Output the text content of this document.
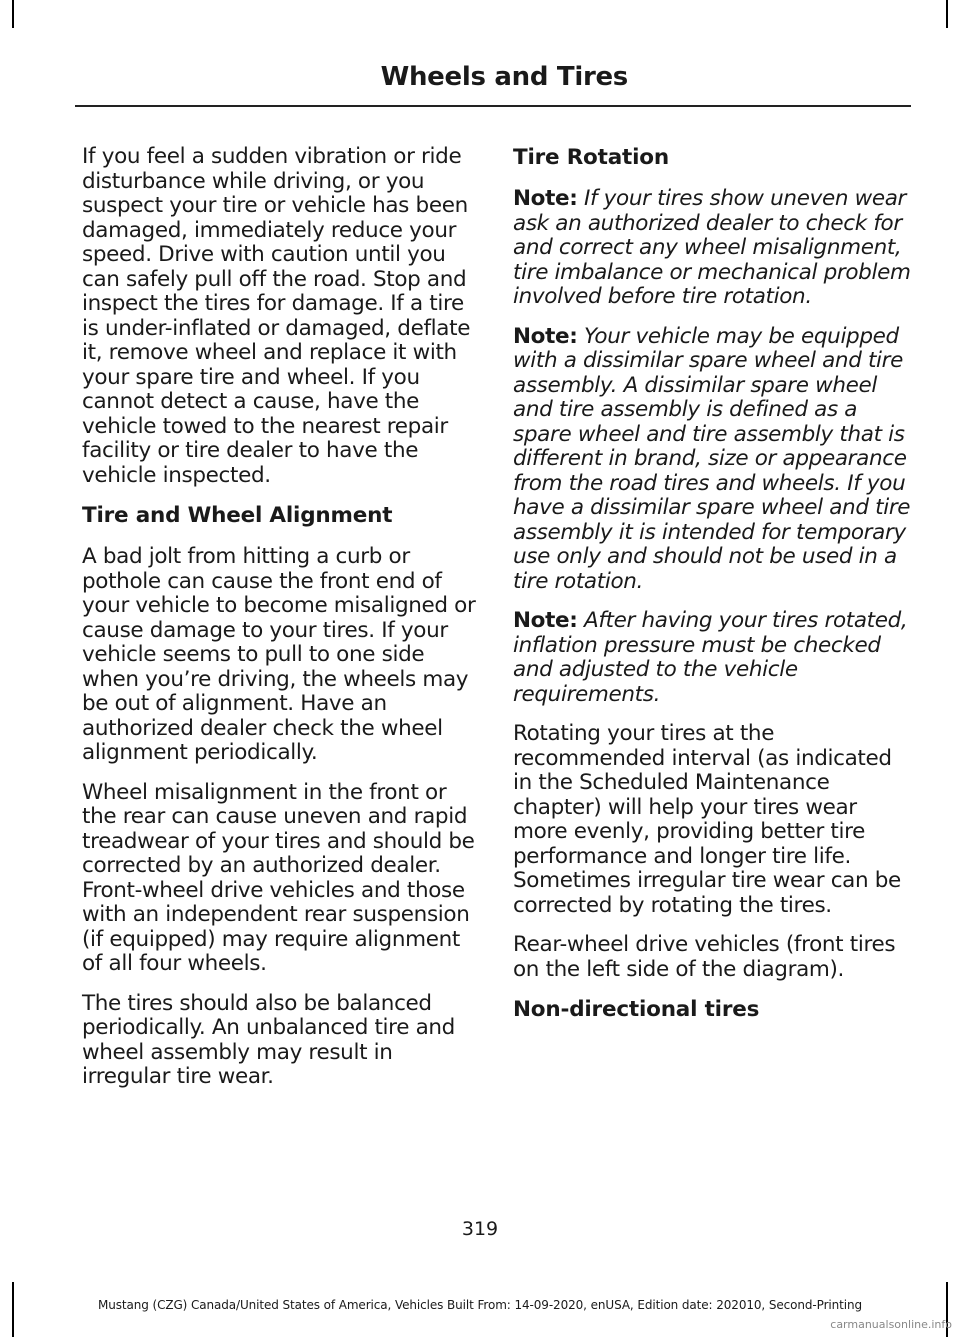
Wheels and Tires

If you feel a sudden vibration or ride disturbance while driving, or you suspect your tire or vehicle has been damaged, immediately reduce your speed. Drive with caution until you can safely pull off the road. Stop and inspect the tires for damage. If a tire is under-inflated or damaged, deflate it, remove wheel and replace it with your spare tire and wheel. If you cannot detect a cause, have the vehicle towed to the nearest repair facility or tire dealer to have the vehicle inspected.

Tire and Wheel Alignment

A bad jolt from hitting a curb or pothole can cause the front end of your vehicle to become misaligned or cause damage to your tires. If your vehicle seems to pull to one side when you’re driving, the wheels may be out of alignment. Have an authorized dealer check the wheel alignment periodically.

Wheel misalignment in the front or the rear can cause uneven and rapid treadwear of your tires and should be corrected by an authorized dealer. Front-wheel drive vehicles and those with an independent rear suspension (if equipped) may require alignment of all four wheels.

The tires should also be balanced periodically. An unbalanced tire and wheel assembly may result in irregular tire wear.

Tire Rotation

Note: If your tires show uneven wear ask an authorized dealer to check for and correct any wheel misalignment, tire imbalance or mechanical problem involved before tire rotation.

Note: Your vehicle may be equipped with a dissimilar spare wheel and tire assembly. A dissimilar spare wheel and tire assembly is defined as a spare wheel and tire assembly that is different in brand, size or appearance from the road tires and wheels. If you have a dissimilar spare wheel and tire assembly it is intended for temporary use only and should not be used in a tire rotation.

Note: After having your tires rotated, inflation pressure must be checked and adjusted to the vehicle requirements.

Rotating your tires at the recommended interval (as indicated in the Scheduled Maintenance chapter) will help your tires wear more evenly, providing better tire performance and longer tire life. Sometimes irregular tire wear can be corrected by rotating the tires.

Rear-wheel drive vehicles (front tires on the left side of the diagram).

Non-directional tires
319
Mustang (CZG) Canada/United States of America, Vehicles Built From: 14-09-2020, enUSA, Edition date: 202010, Second-Printing
carmanualsonline.info
